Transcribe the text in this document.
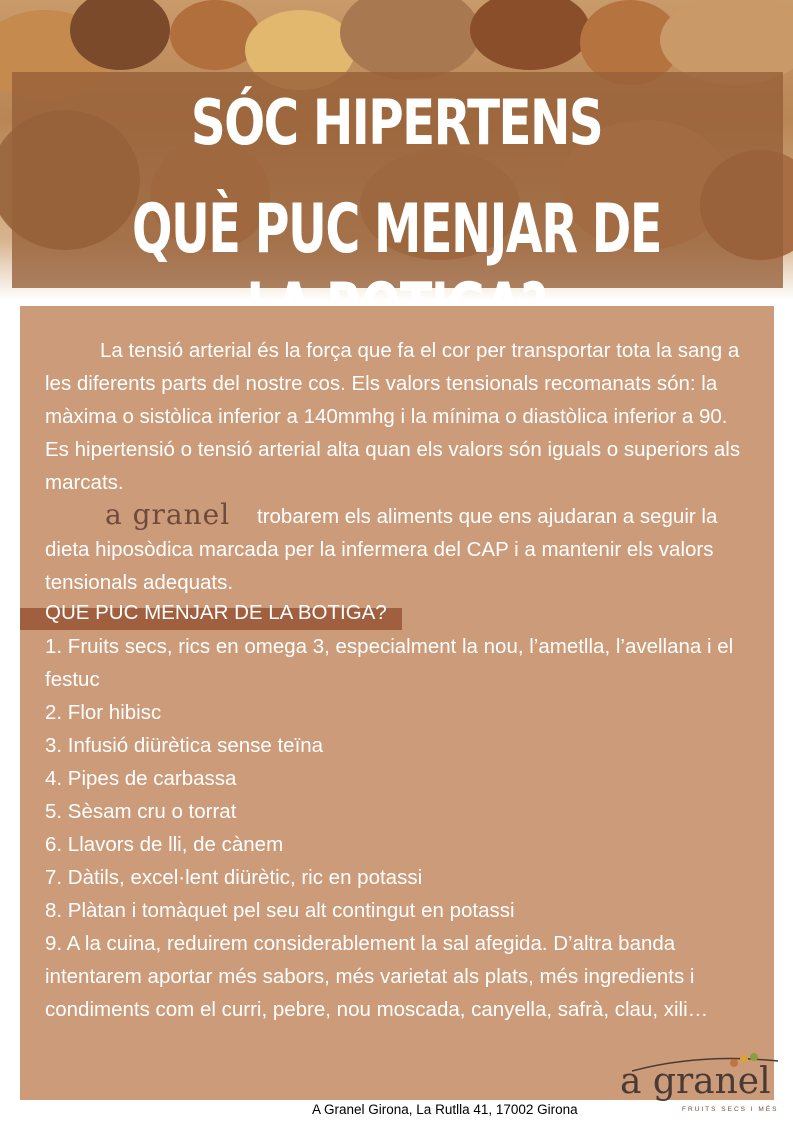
SÓC HIPERTENS
QUÈ PUC MENJAR DE
La tensió arterial és la força que fa el cor per transportar tota la sang a les diferents parts del nostre cos. Els valors tensionals recomanats són: la màxima o sistòlica inferior a 140mmhg i la mínima o diastòlica inferior a 90. Es hipertensió o tensió arterial alta quan els valors són iguals o superiors als marcats.
a granel	trobarem els aliments que ens ajudaran a seguir la dieta hiposòdica marcada per la infermera del CAP i a mantenir els valors tensionals adequats.
QUE PUC MENJAR DE LA BOTIGA?
1. Fruits secs, rics en omega 3, especialment la nou, l’ametlla, l’avellana i el festuc
2. Flor hibisc
3. Infusió diürètica sense teïna
4. Pipes de carbassa
5. Sèsam cru o torrat
6. Llavors de lli, de cànem
7. Dàtils, excel·lent diürètic, ric en potassi
8. Plàtan i tomàquet pel seu alt contingut en potassi
9. A la cuina, reduirem considerablement la sal afegida. D’altra banda intentarem aportar més sabors, més varietat als plats, més ingredients i condiments com el curri, pebre, nou moscada, canyella, safrà, clau, xili…
a granel
FRUITS SECS I MÉS
A Granel Girona, La Rutlla 41, 17002 Girona
